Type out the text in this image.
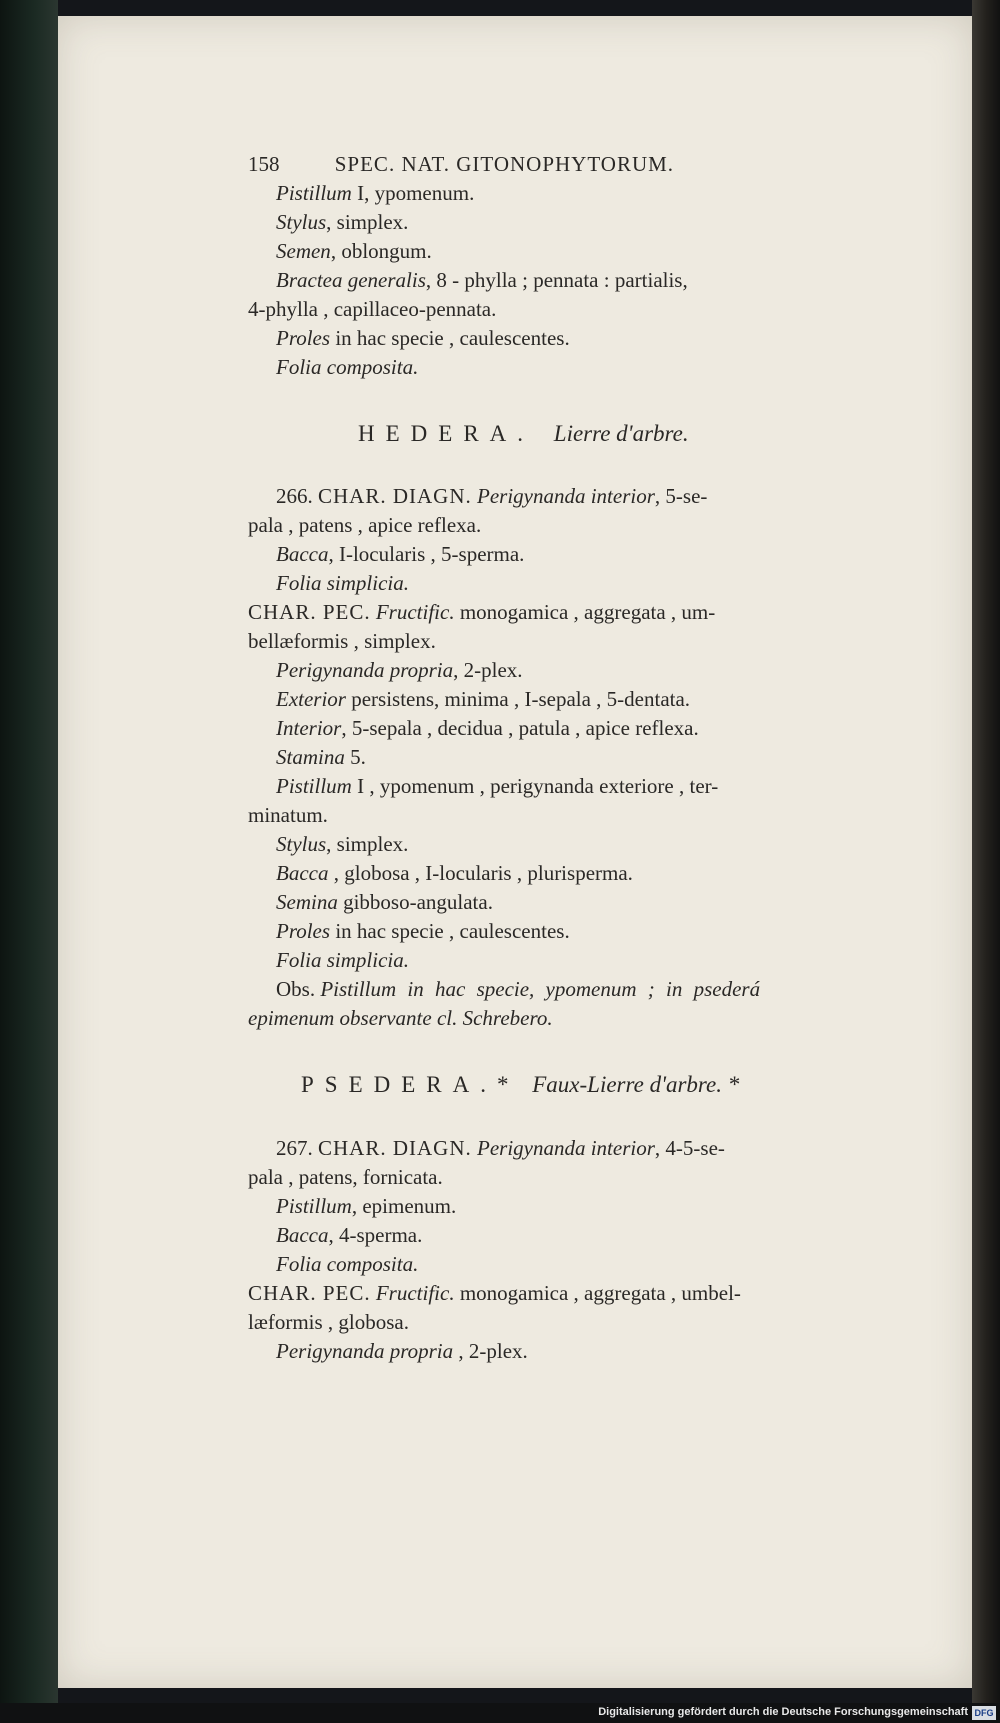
158	SPEC. NAT. GITONOPHYTORUM.
Pistillum I, ypomenum.
Stylus, simplex.
Semen, oblongum.
Bractea generalis, 8 - phylla ; pennata : partialis,
4-phylla , capillaceo-pennata.
Proles in hac specie , caulescentes.
Folia composita.
HEDERA. Lierre d'arbre.
266. CHAR. DIAGN. Perigynanda interior, 5-se-
pala , patens , apice reflexa.
Bacca, I-locularis , 5-sperma.
Folia simplicia.
CHAR. PEC. Fructific. monogamica , aggregata , um-
bellæformis , simplex.
Perigynanda propria, 2-plex.
Exterior persistens, minima , I-sepala , 5-dentata.
Interior, 5-sepala , decidua , patula , apice reflexa.
Stamina 5.
Pistillum I , ypomenum , perigynanda exteriore , ter-
minatum.
Stylus, simplex.
Bacca , globosa , I-locularis , plurisperma.
Semina gibboso-angulata.
Proles in hac specie , caulescentes.
Folia simplicia.
Obs. Pistillum in hac specie, ypomenum ; in psederá
epimenum observante cl. Schrebero.
PSEDERA.* Faux-Lierre d'arbre. *
267. CHAR. DIAGN. Perigynanda interior, 4-5-se-
pala , patens, fornicata.
Pistillum, epimenum.
Bacca, 4-sperma.
Folia composita.
CHAR. PEC. Fructific. monogamica , aggregata , umbel-
læformis , globosa.
Perigynanda propria , 2-plex.
Digitalisierung gefördert durch die Deutsche Forschungsgemeinschaft DFG
